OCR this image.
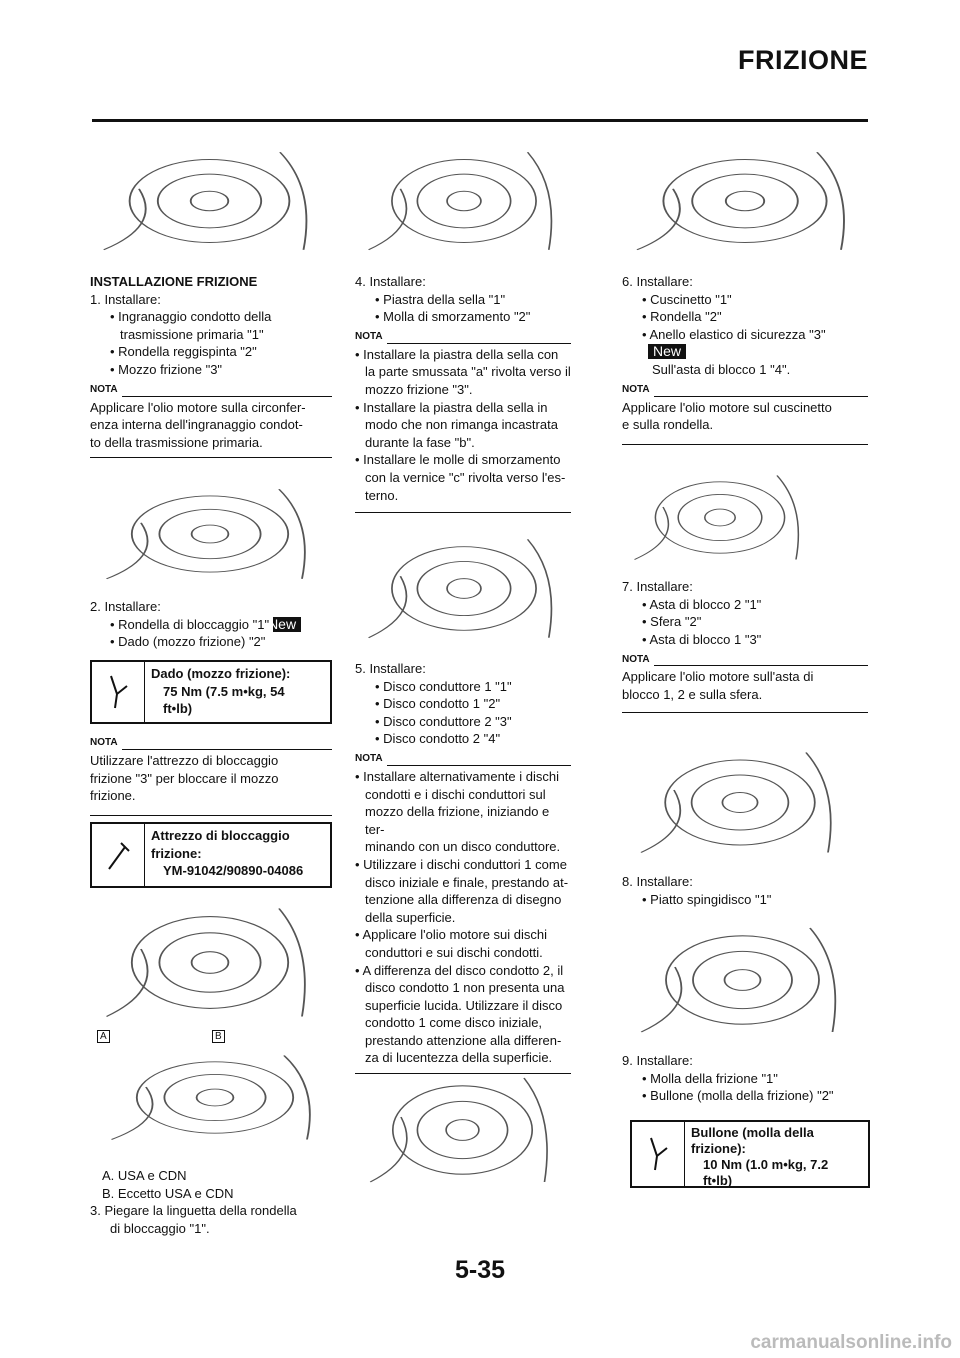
FRIZIONE
INSTALLAZIONE FRIZIONE
1. Installare:
• Ingranaggio condotto della
trasmissione primaria "1"
• Rondella reggispinta "2"
• Mozzo frizione "3"
NOTA
Applicare l'olio motore sulla circonfer-
enza interna dell'ingranaggio condot-
to della trasmissione primaria.
2. Installare:
• Rondella di bloccaggio "1"New
• Dado (mozzo frizione) "2"
Dado (mozzo frizione):
75 Nm (7.5 m•kg, 54
ft•lb)
NOTA
Utilizzare l'attrezzo di bloccaggio
frizione "3" per bloccare il mozzo
frizione.
Attrezzo di bloccaggio
frizione:
YM-91042/90890-04086
A	B
A. USA e CDN
B. Eccetto USA e CDN
3. Piegare la linguetta della rondella
di bloccaggio "1".
4. Installare:
• Piastra della sella "1"
• Molla di smorzamento "2"
NOTA
• Installare la piastra della sella con
la parte smussata "a" rivolta verso il
mozzo frizione "3".
• Installare la piastra della sella in
modo che non rimanga incastrata
durante la fase "b".
• Installare le molle di smorzamento
con la vernice "c" rivolta verso l'es-
terno.
5. Installare:
• Disco conduttore 1 "1"
• Disco condotto 1 "2"
• Disco conduttore 2 "3"
• Disco condotto 2 "4"
NOTA
• Installare alternativamente i dischi
condotti e i dischi conduttori sul
mozzo della frizione, iniziando e ter-
minando con un disco conduttore.
• Utilizzare i dischi conduttori 1 come
disco iniziale e finale, prestando at-
tenzione alla differenza di disegno
della superficie.
• Applicare l'olio motore sui dischi
conduttori e sui dischi condotti.
• A differenza del disco condotto 2, il
disco condotto 1 non presenta una
superficie lucida. Utilizzare il disco
condotto 1 come disco iniziale,
prestando attenzione alla differen-
za di lucentezza della superficie.
6. Installare:
• Cuscinetto "1"
• Rondella "2"
• Anello elastico di sicurezza "3"
New
Sull'asta di blocco 1 "4".
NOTA
Applicare l'olio motore sul cuscinetto
e sulla rondella.
7. Installare:
• Asta di blocco 2 "1"
• Sfera "2"
• Asta di blocco 1 "3"
NOTA
Applicare l'olio motore sull'asta di
blocco 1, 2 e sulla sfera.
8. Installare:
• Piatto spingidisco "1"
9. Installare:
• Molla della frizione "1"
• Bullone (molla della frizione) "2"
Bullone (molla della
frizione):
10 Nm (1.0 m•kg, 7.2
ft•lb)
5-35
carmanualsonline.info
